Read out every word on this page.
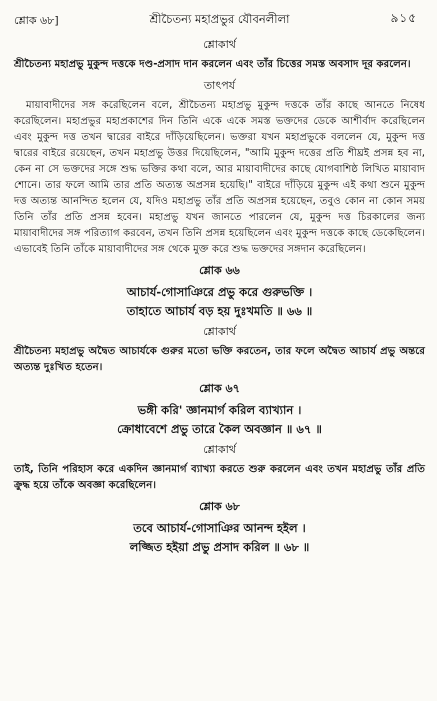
শ্লোক ৬৮]	শ্রীচৈতন্য মহাপ্রভুর যৌবনলীলা	৯১৫
শ্লোকার্থ

শ্রীচৈতন্য মহাপ্রভু মুকুন্দ দত্তকে দণ্ড-প্রসাদ দান করলেন এবং তাঁর চিত্তের সমস্ত অবসাদ দূর করলেন।

তাৎপর্য

মায়াবাদীদের সঙ্গ করেছিলেন বলে, শ্রীচৈতন্য মহাপ্রভু মুকুন্দ দত্তকে তাঁর কাছে আনতে নিষেধ করেছিলেন। মহাপ্রভুর মহাপ্রকাশের দিন তিনি একে একে সমস্ত ভক্তদের ডেকে আশীর্বাদ করেছিলেন এবং মুকুন্দ দত্ত তখন দ্বারের বাইরে দাঁড়িয়েছিলেন। ভক্তরা যখন মহাপ্রভুকে বললেন যে, মুকুন্দ দত্ত দ্বারের বাইরে রয়েছেন, তখন মহাপ্রভু উত্তর দিয়েছিলেন, "আমি মুকুন্দ দত্তের প্রতি শীঘ্রই প্রসন্ন হব না, কেন না সে ভক্তদের সঙ্গে শুদ্ধ ভক্তির কথা বলে, আর মায়াবাদীদের কাছে যোগবাশিষ্ঠ লিখিত মায়াবাদ শোনে। তার ফলে আমি তার প্রতি অত্যন্ত অপ্রসন্ন হয়েছি।" বাইরে দাঁড়িয়ে মুকুন্দ এই কথা শুনে মুকুন্দ দত্ত অত্যন্ত আনন্দিত হলেন যে, যদিও মহাপ্রভু তাঁর প্রতি অপ্রসন্ন হয়েছেন, তবুও কোন না কোন সময় তিনি তাঁর প্রতি প্রসন্ন হবেন। মহাপ্রভু যখন জানতে পারলেন যে, মুকুন্দ দত্ত চিরকালের জন্য মায়াবাদীদের সঙ্গ পরিত্যাগ করবেন, তখন তিনি প্রসন্ন হয়েছিলেন এবং মুকুন্দ দত্তকে কাছে ডেকেছিলেন। এভাবেই তিনি তাঁকে মায়াবাদীদের সঙ্গ থেকে মুক্ত করে শুদ্ধ ভক্তদের সঙ্গদান করেছিলেন।

শ্লোক ৬৬

আচার্য-গোসাঞিরে প্রভু করে গুরুভক্তি ।

তাহাতে আচার্য বড় হয় দুঃখমতি ॥ ৬৬ ॥

শ্লোকার্থ

শ্রীচৈতন্য মহাপ্রভু অদ্বৈত আচার্যকে গুরুর মতো ভক্তি করতেন, তার ফলে অদ্বৈত আচার্য প্রভু অন্তরে অত্যন্ত দুঃখিত হতেন।

শ্লোক ৬৭

ভঙ্গী করি' জ্ঞানমার্গ করিল ব্যাখ্যান ।

ক্রোধাবেশে প্রভু তারে কৈল অবজ্ঞান ॥ ৬৭ ॥

শ্লোকার্থ

তাই, তিনি পরিহাস করে একদিন জ্ঞানমার্গ ব্যাখ্যা করতে শুরু করলেন এবং তখন মহাপ্রভু তাঁর প্রতি ক্রুদ্ধ হয়ে তাঁকে অবজ্ঞা করেছিলেন।

শ্লোক ৬৮

তবে আচার্য-গোসাঞির আনন্দ হইল ।

লজ্জিত হইয়া প্রভু প্রসাদ করিল ॥ ৬৮ ॥
